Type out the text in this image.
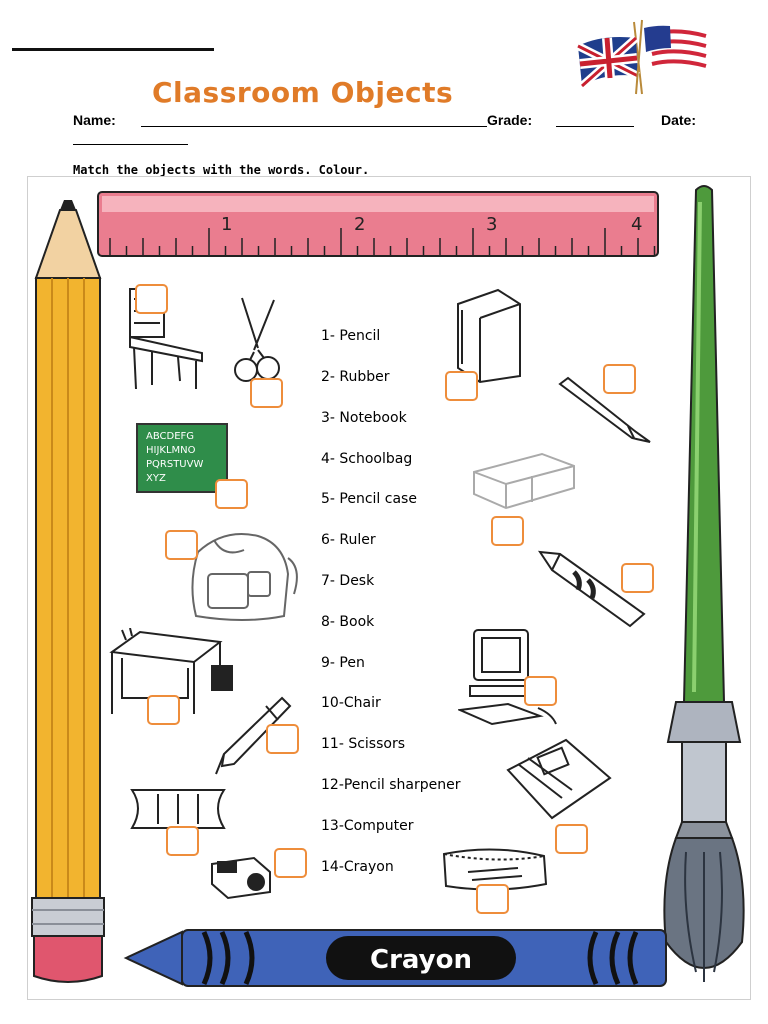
Classroom Objects
Name:	Grade:	Date:
Match the objects with the words. Colour.
1	2	3	4
Crayon
ABCDEFG
HIJKLMNO
PQRSTUVW
XYZ
1- Pencil
2- Rubber
3- Notebook
4- Schoolbag
5- Pencil case
6- Ruler
7- Desk
8- Book
9- Pen
10-Chair
11- Scissors
12-Pencil sharpener
13-Computer
14-Crayon
